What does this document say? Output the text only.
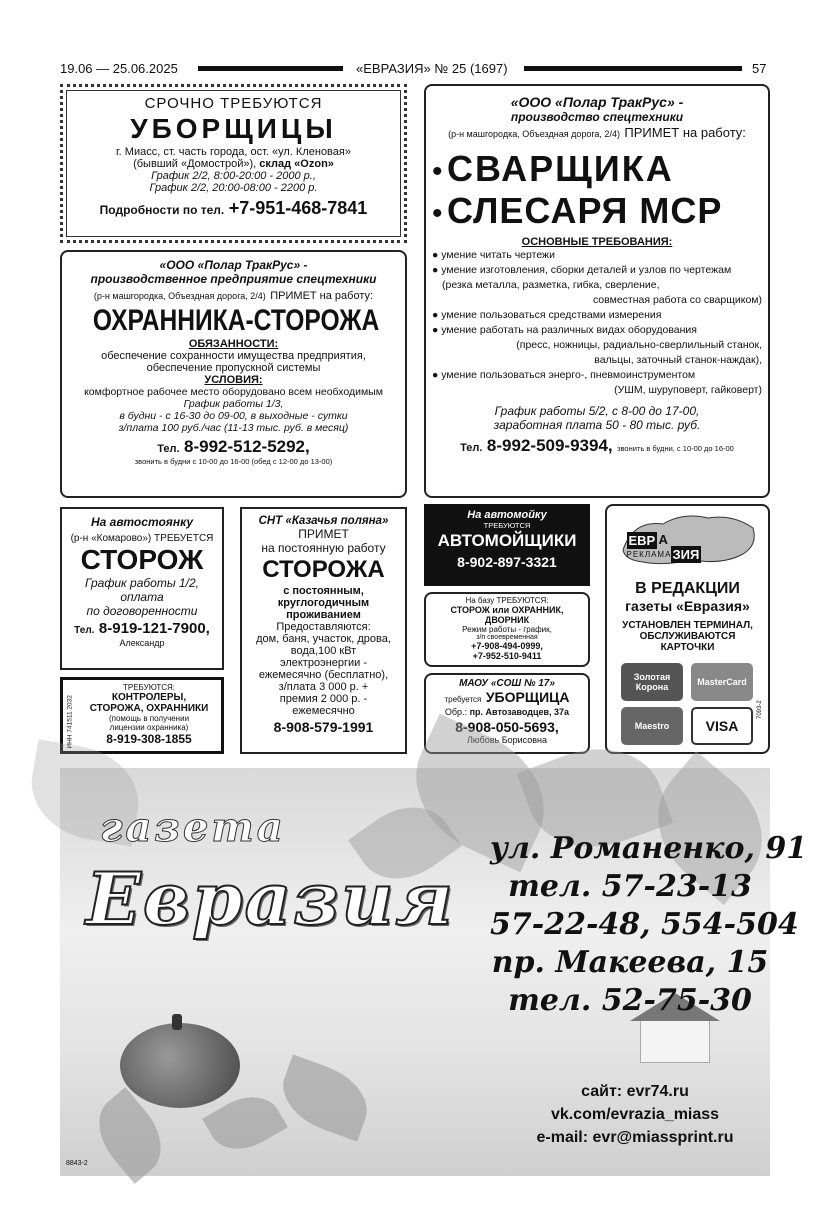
19.06 — 25.06.2025	«ЕВРАЗИЯ» № 25 (1697)	57
СРОЧНО ТРЕБУЮТСЯ
УБОРЩИЦЫ
г. Миасс, ст. часть города, ост. «ул. Кленовая»
(бывший «Домострой»), склад «Ozon»
График 2/2, 8:00-20:00 - 2000 р.,
График 2/2, 20:00-08:00 - 2200 р.
Подробности по тел. +7-951-468-7841
«ООО «Полар ТракРус» -
производственное предприятие спецтехники
(р-н машгородка, Объездная дорога, 2/4) ПРИМЕТ на работу:
ОХРАННИКА-СТОРОЖА
ОБЯЗАННОСТИ:
обеспечение сохранности имущества предприятия,
обеспечение пропускной системы
УСЛОВИЯ:
комфортное рабочее место оборудовано всем необходимым
График работы 1/3,
в будни - с 16-30 до 09-00, в выходные - сутки
з/плата 100 руб./час (11-13 тыс. руб. в месяц)
Тел. 8-992-512-5292,
звонить в будни с 10-00 до 16-00 (обед с 12-00 до 13-00)
«ООО «Полар ТракРус» -
производство спецтехники
(р-н машгородка, Объездная дорога, 2/4) ПРИМЕТ на работу:
• СВАРЩИКА
• СЛЕСАРЯ МСР
ОСНОВНЫЕ ТРЕБОВАНИЯ:
● умение читать чертежи
● умение изготовления, сборки деталей и узлов по чертежам
(резка металла, разметка, гибка, сверление,
совместная работа со сварщиком)
● умение пользоваться средствами измерения
● умение работать на различных видах оборудования
(пресс, ножницы, радиально-сверлильный станок,
вальцы, заточный станок-наждак),
● умение пользоваться энерго-, пневмоинструментом
(УШМ, шуруповерт, гайковерт)
График работы 5/2, с 8-00 до 17-00,
заработная плата 50 - 80 тыс. руб.
Тел. 8-992-509-9394, звонить в будни, с 10-00 до 16-00
На автостоянку
(р-н «Комарово») ТРЕБУЕТСЯ
СТОРОЖ
График работы 1/2,
оплата
по договоренности
Тел. 8-919-121-7900,
Александр
ИНН 741511 2032
ТРЕБУЮТСЯ:
КОНТРОЛЕРЫ,
СТОРОЖА, ОХРАННИКИ
(помощь в получении
лицензии охранника)
8-919-308-1855
СНТ «Казачья поляна»
ПРИМЕТ
на постоянную работу
СТОРОЖА
с постоянным,
круглогодичным
проживанием
Предоставляются:
дом, баня, участок, дрова,
вода,100 кВт
электроэнергии -
ежемесячно (бесплатно),
з/плата 3 000 р. +
премия 2 000 р. -
ежемесячно
8-908-579-1991
На автомойку
ТРЕБУЮТСЯ
АВТОМОЙЩИКИ
8-902-897-3321
На базу ТРЕБУЮТСЯ:
СТОРОЖ или ОХРАННИК,
ДВОРНИК
Режим работы - график,
з/п своевременная
+7-908-494-0999,
+7-952-510-9411
МАОУ «СОШ № 17»
требуется УБОРЩИЦА
Обр.: пр. Автозаводцев, 37а
8-908-050-5693,
Любовь Борисовна
ЕВР А
ЗИЯ
РЕКЛАМА
В РЕДАКЦИИ
газеты «Евразия»
УСТАНОВЛЕН ТЕРМИНАЛ,
ОБСЛУЖИВАЮТСЯ
КАРТОЧКИ
Золотая Корона	MasterCard
Maestro	VISA
7093-2
газета
Евразия
ул. Романенко, 91
тел. 57-23-13
57-22-48, 554-504
пр. Макеева, 15
тел. 52-75-30
сайт: evr74.ru
vk.com/evrazia_miass
e-mail: evr@miassprint.ru
8843-2
